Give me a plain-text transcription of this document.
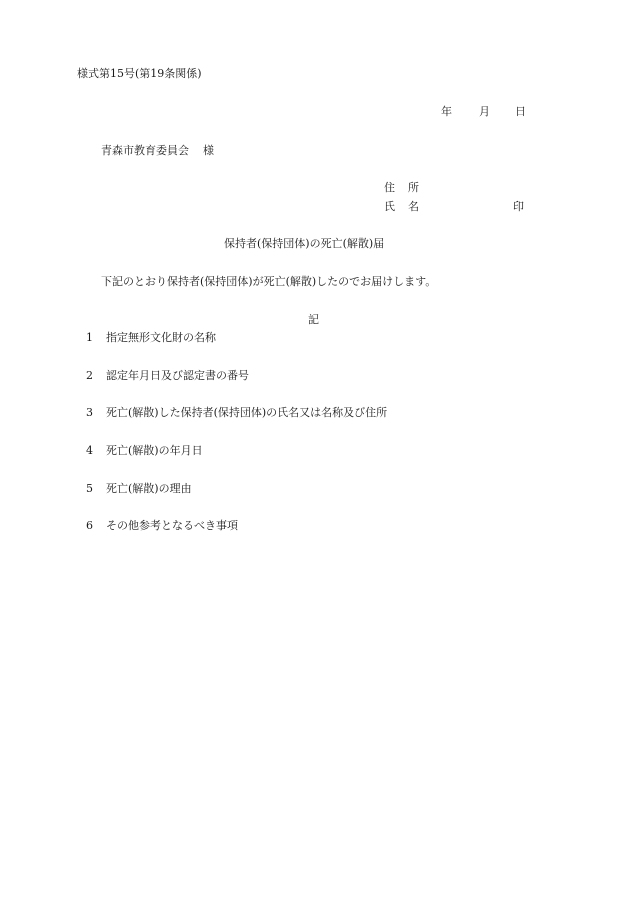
様式第15号(第19条関係)
年	月	日
青森市教育委員会 様
住	所
氏	名	印
保持者(保持団体)の死亡(解散)届
下記のとおり保持者(保持団体)が死亡(解散)したのでお届けします。
記
1	指定無形文化財の名称
2	認定年月日及び認定書の番号
3	死亡(解散)した保持者(保持団体)の氏名又は名称及び住所
4	死亡(解散)の年月日
5	死亡(解散)の理由
6	その他参考となるべき事項
